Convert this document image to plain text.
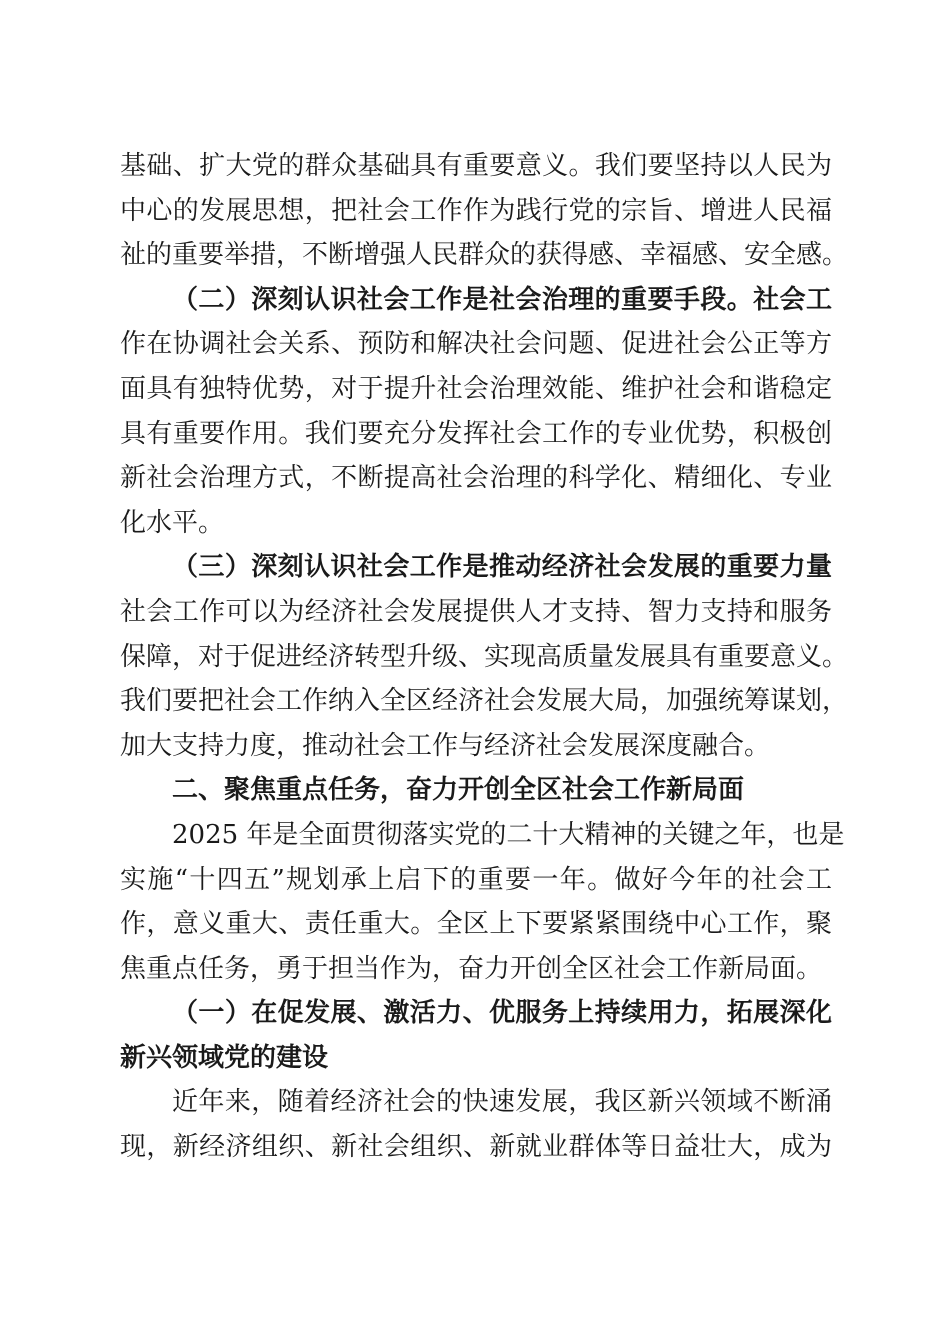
基础、扩大党的群众基础具有重要意义。我们要坚持以人民为
中心的发展思想，把社会工作作为践行党的宗旨、增进人民福
祉的重要举措，不断增强人民群众的获得感、幸福感、安全感。
（二）深刻认识社会工作是社会治理的重要手段。社会工
作在协调社会关系、预防和解决社会问题、促进社会公正等方
面具有独特优势，对于提升社会治理效能、维护社会和谐稳定
具有重要作用。我们要充分发挥社会工作的专业优势，积极创
新社会治理方式，不断提高社会治理的科学化、精细化、专业
化水平。
（三）深刻认识社会工作是推动经济社会发展的重要力量
社会工作可以为经济社会发展提供人才支持、智力支持和服务
保障，对于促进经济转型升级、实现高质量发展具有重要意义。
我们要把社会工作纳入全区经济社会发展大局，加强统筹谋划，
加大支持力度，推动社会工作与经济社会发展深度融合。
二、聚焦重点任务，奋力开创全区社会工作新局面
2025 年是全面贯彻落实党的二十大精神的关键之年，也是
实施“十四五”规划承上启下的重要一年。做好今年的社会工
作，意义重大、责任重大。全区上下要紧紧围绕中心工作，聚
焦重点任务，勇于担当作为，奋力开创全区社会工作新局面。
（一）在促发展、激活力、优服务上持续用力，拓展深化
新兴领域党的建设
近年来，随着经济社会的快速发展，我区新兴领域不断涌
现，新经济组织、新社会组织、新就业群体等日益壮大，成为
